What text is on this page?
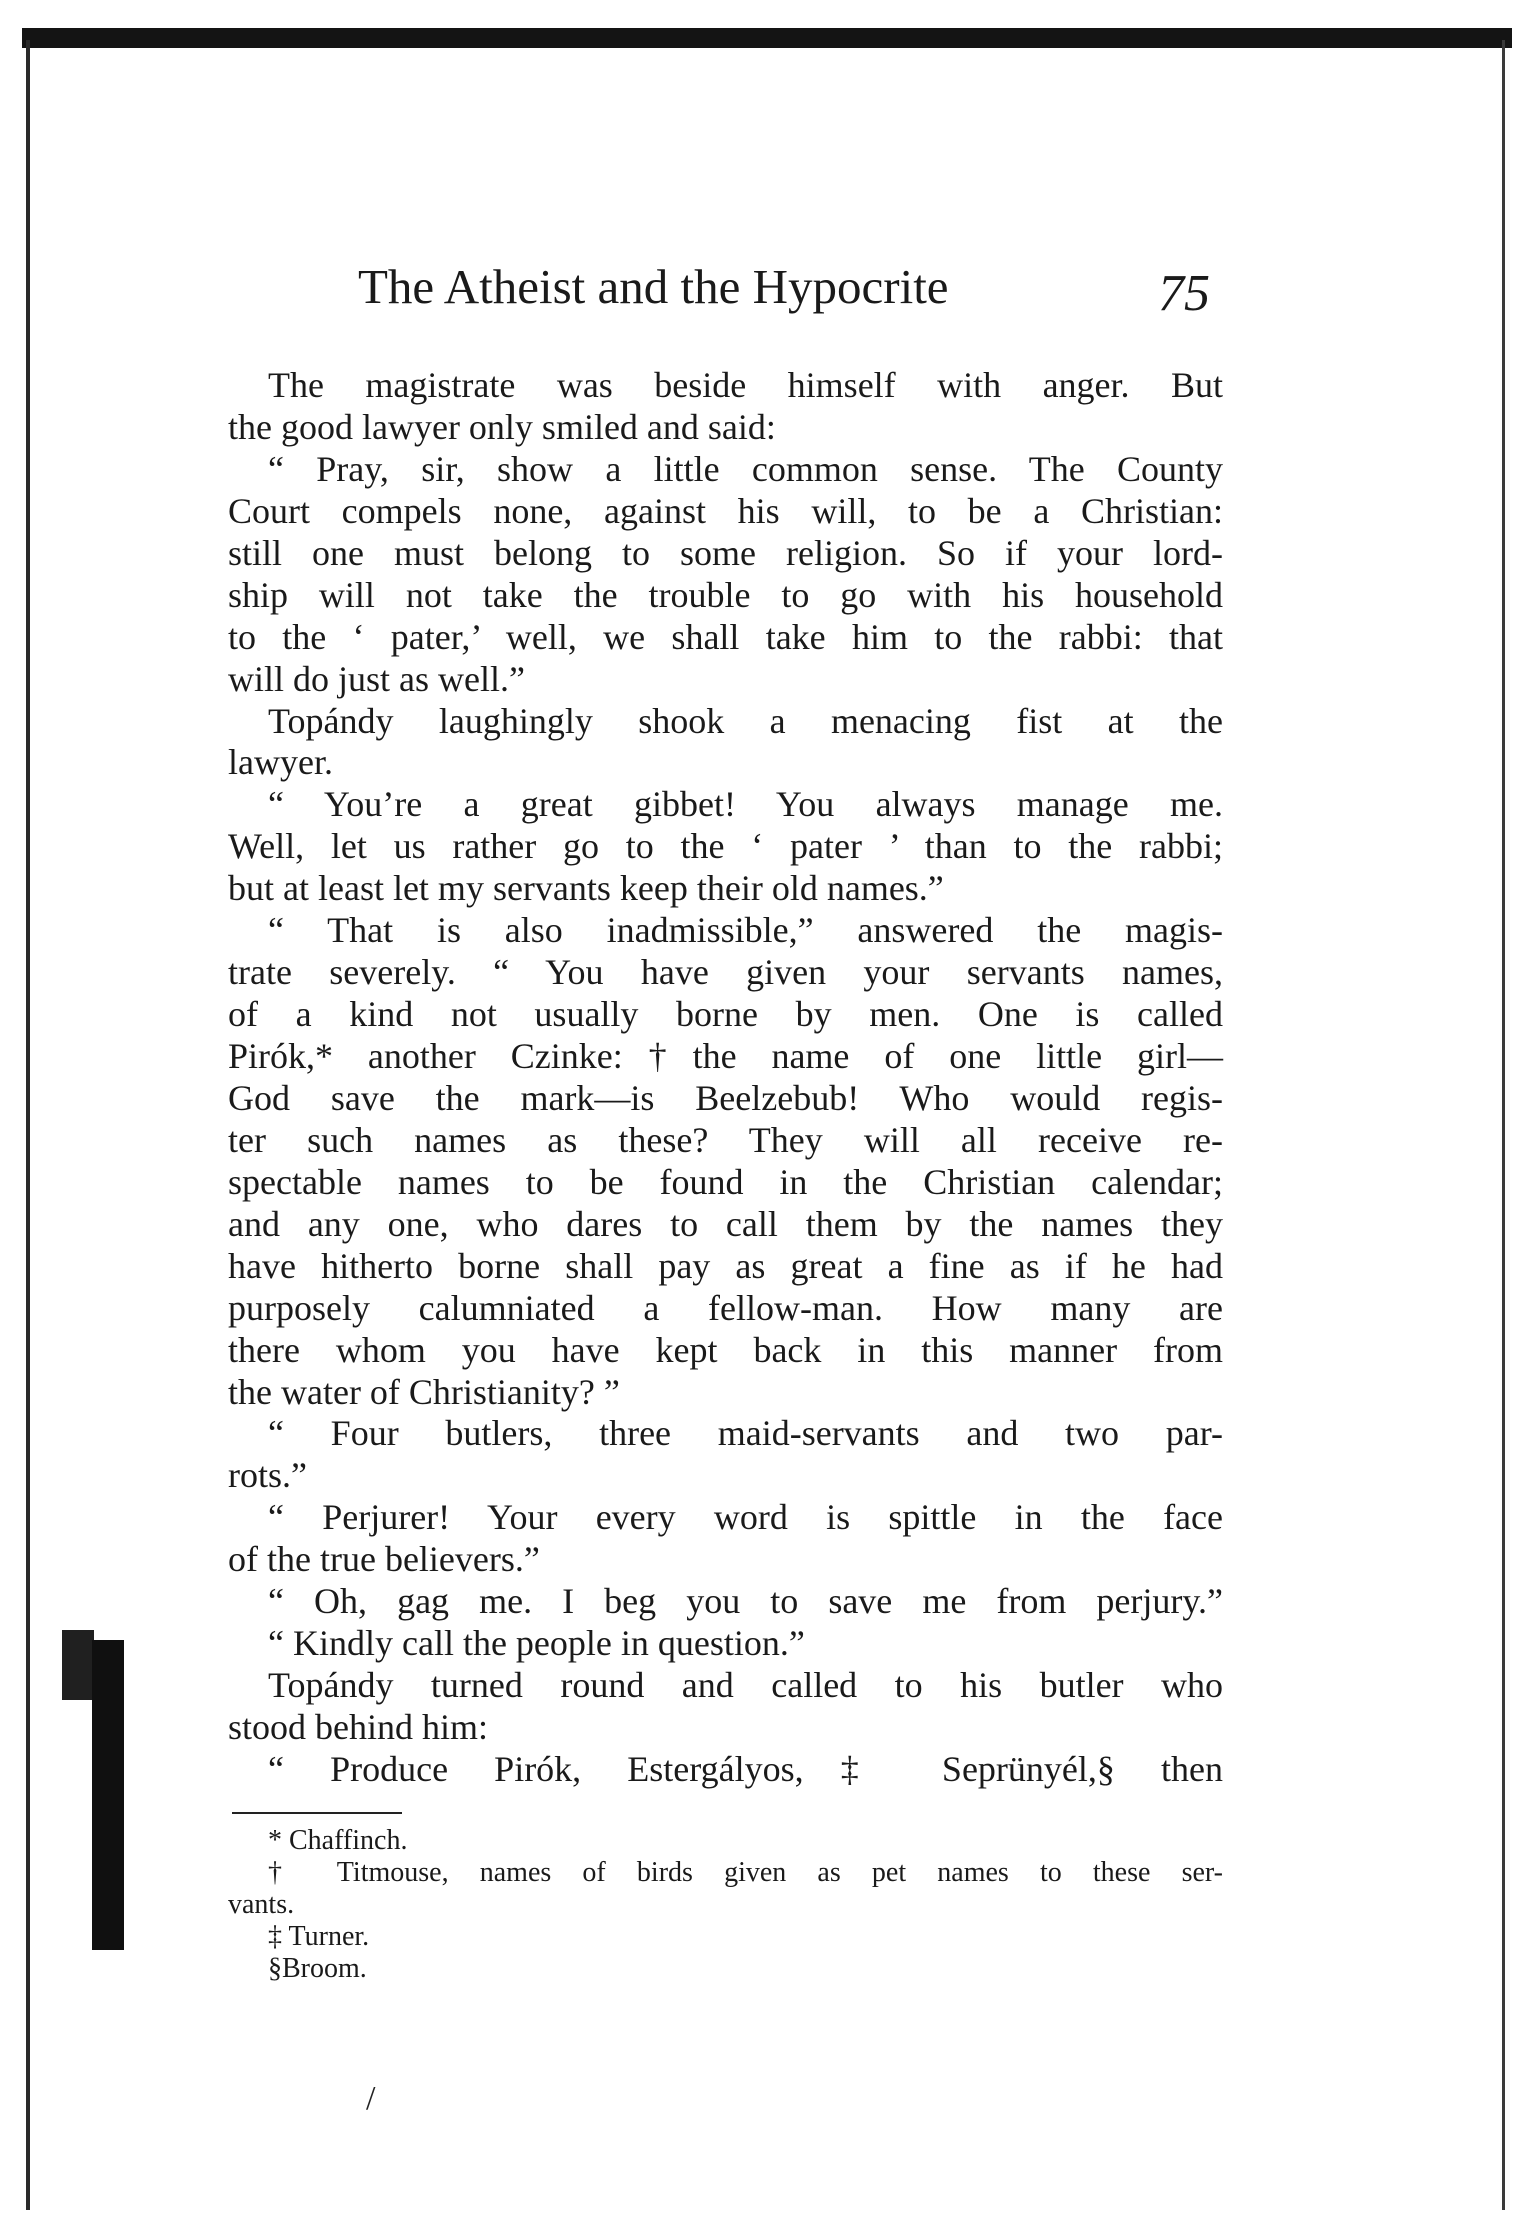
The Atheist and the Hypocrite	75
The magistrate was beside himself with anger. But
the good lawyer only smiled and said:
“ Pray, sir, show a little common sense. The County
Court compels none, against his will, to be a Christian:
still one must belong to some religion. So if your lord-
ship will not take the trouble to go with his household
to the ‘ pater,’ well, we shall take him to the rabbi: that
will do just as well.”
Topándy laughingly shook a menacing fist at the
lawyer.
“ You’re a great gibbet! You always manage me.
Well, let us rather go to the ‘ pater ’ than to the rabbi;
but at least let my servants keep their old names.”
“ That is also inadmissible,” answered the magis-
trate severely. “ You have given your servants names,
of a kind not usually borne by men. One is called
Pirók,* another Czinke:†the name of one little girl—
God save the mark—is Beelzebub! Who would regis-
ter such names as these? They will all receive re-
spectable names to be found in the Christian calendar;
and any one, who dares to call them by the names they
have hitherto borne shall pay as great a fine as if he had
purposely calumniated a fellow-man. How many are
there whom you have kept back in this manner from
the water of Christianity? ”
“ Four butlers, three maid-servants and two par-
rots.”
“ Perjurer! Your every word is spittle in the face
of the true believers.”
“ Oh, gag me. I beg you to save me from perjury.”
“ Kindly call the people in question.”
Topándy turned round and called to his butler who
stood behind him:
“ Produce Pirók, Estergályos,‡ Seprünyél,§ then
* Chaffinch.
† Titmouse, names of birds given as pet names to these ser-
vants.
‡ Turner.
§Broom.
/
